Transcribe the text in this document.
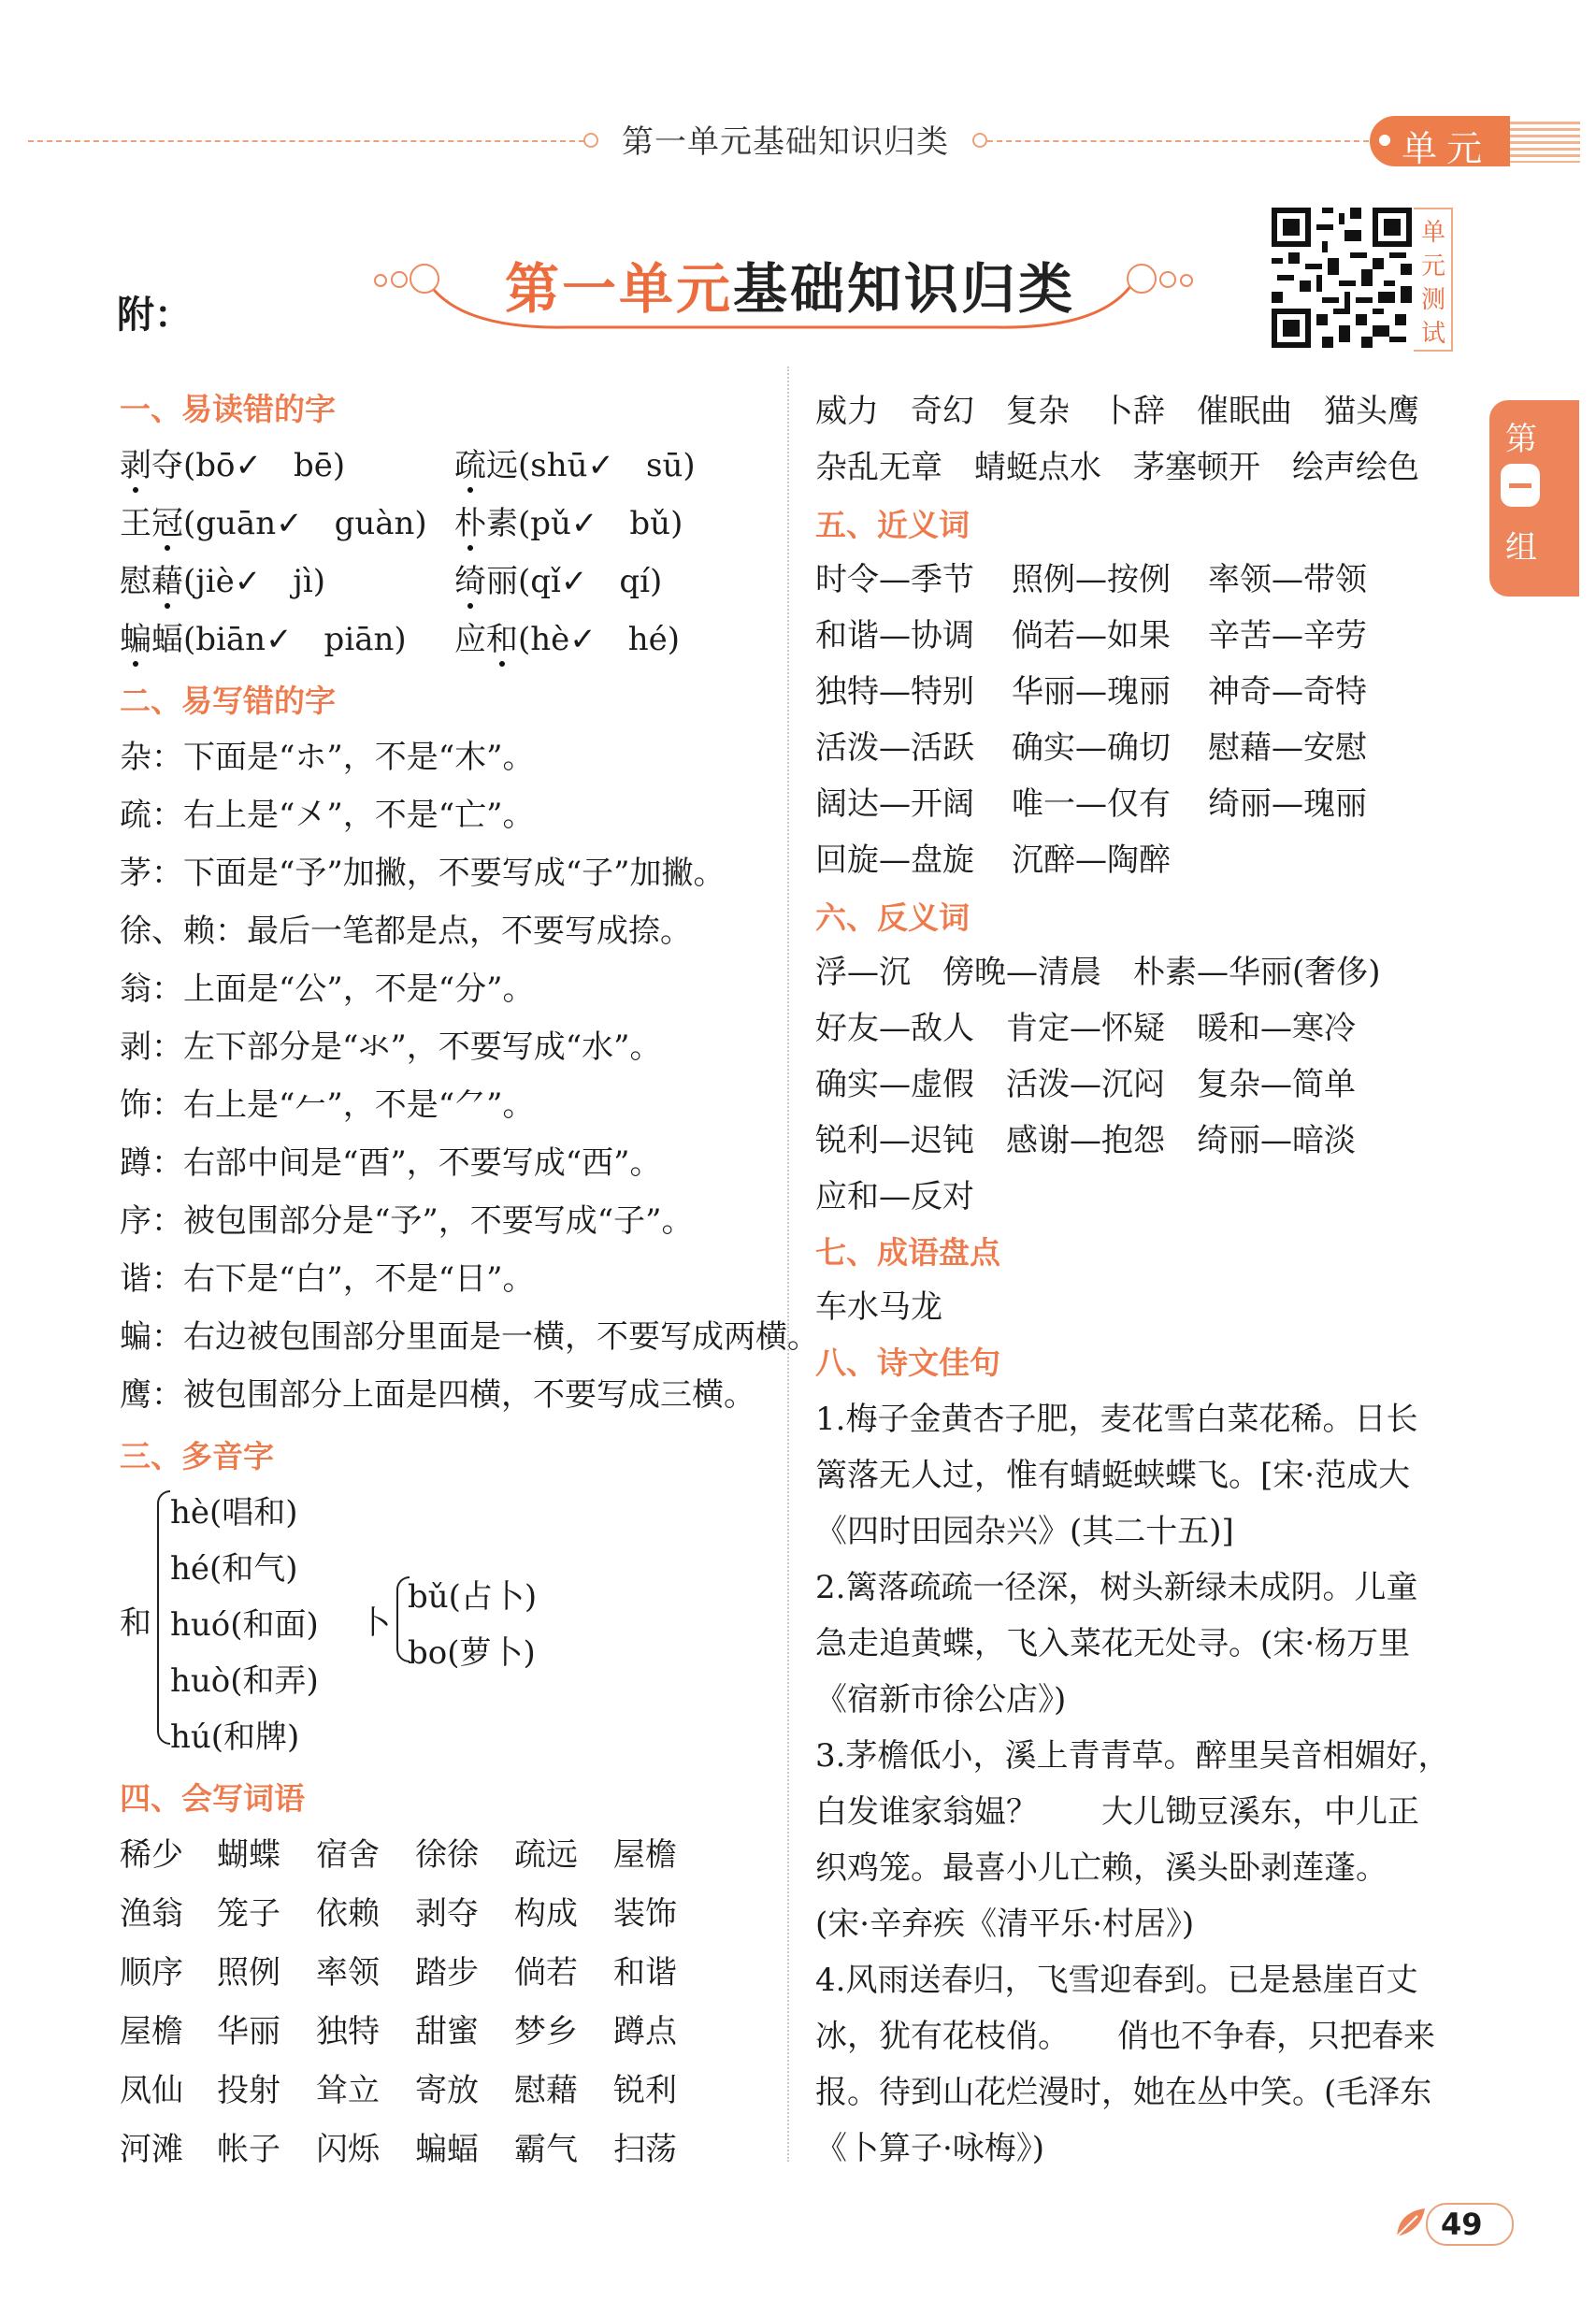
第一单元基础知识归类	单元
附：	第一单元基础知识归类
单
元
测
试
第
组
一、易读错的字
剥夺(bō✓　bē)	疏远(shū✓　sū)
王冠(guān✓　guàn) 朴素(pǔ✓　bǔ)
慰藉(jiè✓　jì)	绮丽(qǐ✓　qí)
蝙蝠(biān✓　piān) 应和(hè✓　hé)
二、易写错的字
杂：下面是“ホ”，不是“木”。
疏：右上是“㐅”，不是“亡”。
茅：下面是“予”加撇，不要写成“子”加撇。
徐、赖：最后一笔都是点，不要写成捺。
翁：上面是“公”，不是“分”。
剥：左下部分是“氺”，不要写成“水”。
饰：右上是“𠂉”，不是“⺈”。
蹲：右部中间是“酉”，不要写成“西”。
序：被包围部分是“予”，不要写成“子”。
谐：右下是“白”，不是“日”。
蝙：右边被包围部分里面是一横，不要写成两横。
鹰：被包围部分上面是四横，不要写成三横。
三、多音字
和
hè(唱和)
hé(和气)
huó(和面)
huò(和弄)
hú(和牌)
卜
bǔ(占卜)
bo(萝卜)
四、会写词语
稀少 蝴蝶 宿舍 徐徐 疏远 屋檐
渔翁 笼子 依赖 剥夺 构成 装饰
顺序 照例 率领 踏步 倘若 和谐
屋檐 华丽 独特 甜蜜 梦乡 蹲点
凤仙 投射 耸立 寄放 慰藉 锐利
河滩 帐子 闪烁 蝙蝠 霸气 扫荡
威力　奇幻　复杂　卜辞　催眠曲　猫头鹰
杂乱无章　蜻蜓点水　茅塞顿开　绘声绘色
五、近义词
时令—季节 照例—按例 率领—带领
和谐—协调 倘若—如果 辛苦—辛劳
独特—特别 华丽—瑰丽 神奇—奇特
活泼—活跃 确实—确切 慰藉—安慰
阔达—开阔 唯一—仅有 绮丽—瑰丽
回旋—盘旋 沉醉—陶醉
六、反义词
浮—沉　傍晚—清晨　朴素—华丽(奢侈)
好友—敌人　肯定—怀疑　暖和—寒冷
确实—虚假　活泼—沉闷　复杂—简单
锐利—迟钝　感谢—抱怨　绮丽—暗淡
应和—反对
七、成语盘点
车水马龙
八、诗文佳句
1.梅子金黄杏子肥，麦花雪白菜花稀。日长
篱落无人过，惟有蜻蜓蛱蝶飞。[宋·范成大
《四时田园杂兴》(其二十五)]
2.篱落疏疏一径深，树头新绿未成阴。儿童
急走追黄蝶，飞入菜花无处寻。(宋·杨万里
《宿新市徐公店》)
3.茅檐低小，溪上青青草。醉里吴音相媚好，
白发谁家翁媪？　　大儿锄豆溪东，中儿正
织鸡笼。最喜小儿亡赖，溪头卧剥莲蓬。
(宋·辛弃疾《清平乐·村居》)
4.风雨送春归，飞雪迎春到。已是悬崖百丈
冰，犹有花枝俏。　　俏也不争春，只把春来
报。待到山花烂漫时，她在丛中笑。(毛泽东
《卜算子·咏梅》)
49
